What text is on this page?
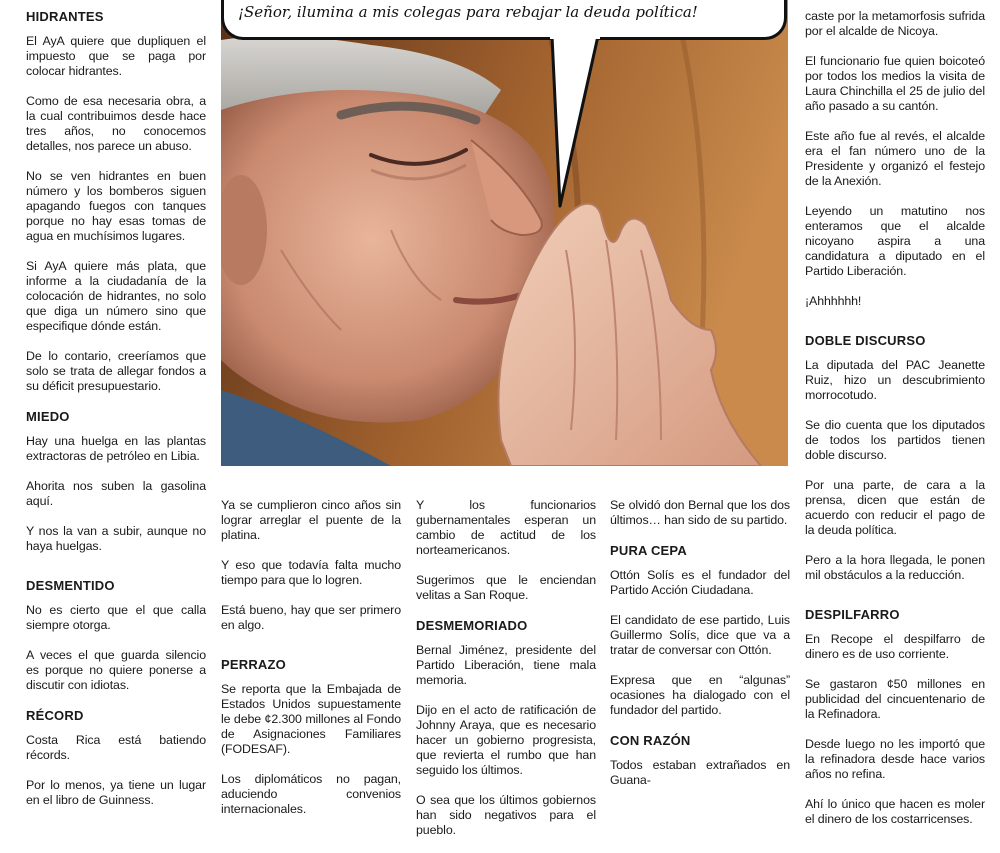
HIDRANTES

El AyA quiere que dupliquen el impuesto que se paga por colocar hidrantes.

Como de esa necesaria obra, a la cual contribuimos desde hace tres años, no conocemos detalles, nos parece un abuso.

No se ven hidrantes en buen número y los bomberos siguen apagando fuegos con tanques porque no hay esas tomas de agua en muchísimos lugares.

Si AyA quiere más plata, que informe a la ciudadanía de la colocación de hidrantes, no solo que diga un número sino que especifique dónde están.

De lo contario, creeríamos que solo se trata de allegar fondos a su déficit presupuestario.

MIEDO

Hay una huelga en las plantas extractoras de petróleo en Libia.

Ahorita nos suben la gasolina aquí.

Y nos la van a subir, aunque no haya huelgas.

DESMENTIDO

No es cierto que el que calla siempre otorga.

A veces el que guarda silencio es porque no quiere ponerse a discutir con idiotas.

RÉCORD

Costa Rica está batiendo récords.

Por lo menos, ya tiene un lugar en el libro de Guinness.

Ya se cumplieron cinco años sin lograr arreglar el puente de la platina.

Y eso que todavía falta mucho tiempo para que lo logren.

Está bueno, hay que ser primero en algo.

PERRAZO

Se reporta que la Embajada de Estados Unidos supuestamente le debe ¢2.300 millones al Fondo de Asignaciones Familiares (FODESAF).

Los diplomáticos no pagan, aduciendo convenios internacionales.

Y los funcionarios gubernamentales esperan un cambio de actitud de los norteamericanos.

Sugerimos que le enciendan velitas a San Roque.

DESMEMORIADO

Bernal Jiménez, presidente del Partido Liberación, tiene mala memoria.

Dijo en el acto de ratificación de Johnny Araya, que es necesario hacer un gobierno progresista, que revierta el rumbo que han seguido los últimos.

O sea que los últimos gobiernos han sido negativos para el pueblo.

Se olvidó don Bernal que los dos últimos… han sido de su partido.

PURA CEPA

Ottón Solís es el fundador del Partido Acción Ciudadana.

El candidato de ese partido, Luis Guillermo Solís, dice que va a tratar de conversar con Ottón.

Expresa que en “algunas” ocasiones ha dialogado con el fundador del partido.

CON RAZÓN

Todos estaban extrañados en Guana-

caste por la metamorfosis sufrida por el alcalde de Nicoya.

El funcionario fue quien boicoteó por todos los medios la visita de Laura Chinchilla el 25 de julio del año pasado a su cantón.

Este año fue al revés, el alcalde era el fan número uno de la Presidente y organizó el festejo de la Anexión.

Leyendo un matutino nos enteramos que el alcalde nicoyano aspira a una candidatura a diputado en el Partido Liberación.

¡Ahhhhhh!

DOBLE DISCURSO

La diputada del PAC Jeanette Ruiz, hizo un descubrimiento morrocotudo.

Se dio cuenta que los diputados de todos los partidos tienen doble discurso.

Por una parte, de cara a la prensa, dicen que están de acuerdo con reducir el pago de la deuda política.

Pero a la hora llegada, le ponen mil obstáculos a la reducción.

DESPILFARRO

En Recope el despilfarro de dinero es de uso corriente.

Se gastaron ¢50 millones en publicidad del cincuentenario de la Refinadora.

Desde luego no les importó que la refinadora desde hace varios años no refina.

Ahí lo único que hacen es moler el dinero de los costarricenses.

¡Señor, ilumina a mis colegas para rebajar la deuda política!
